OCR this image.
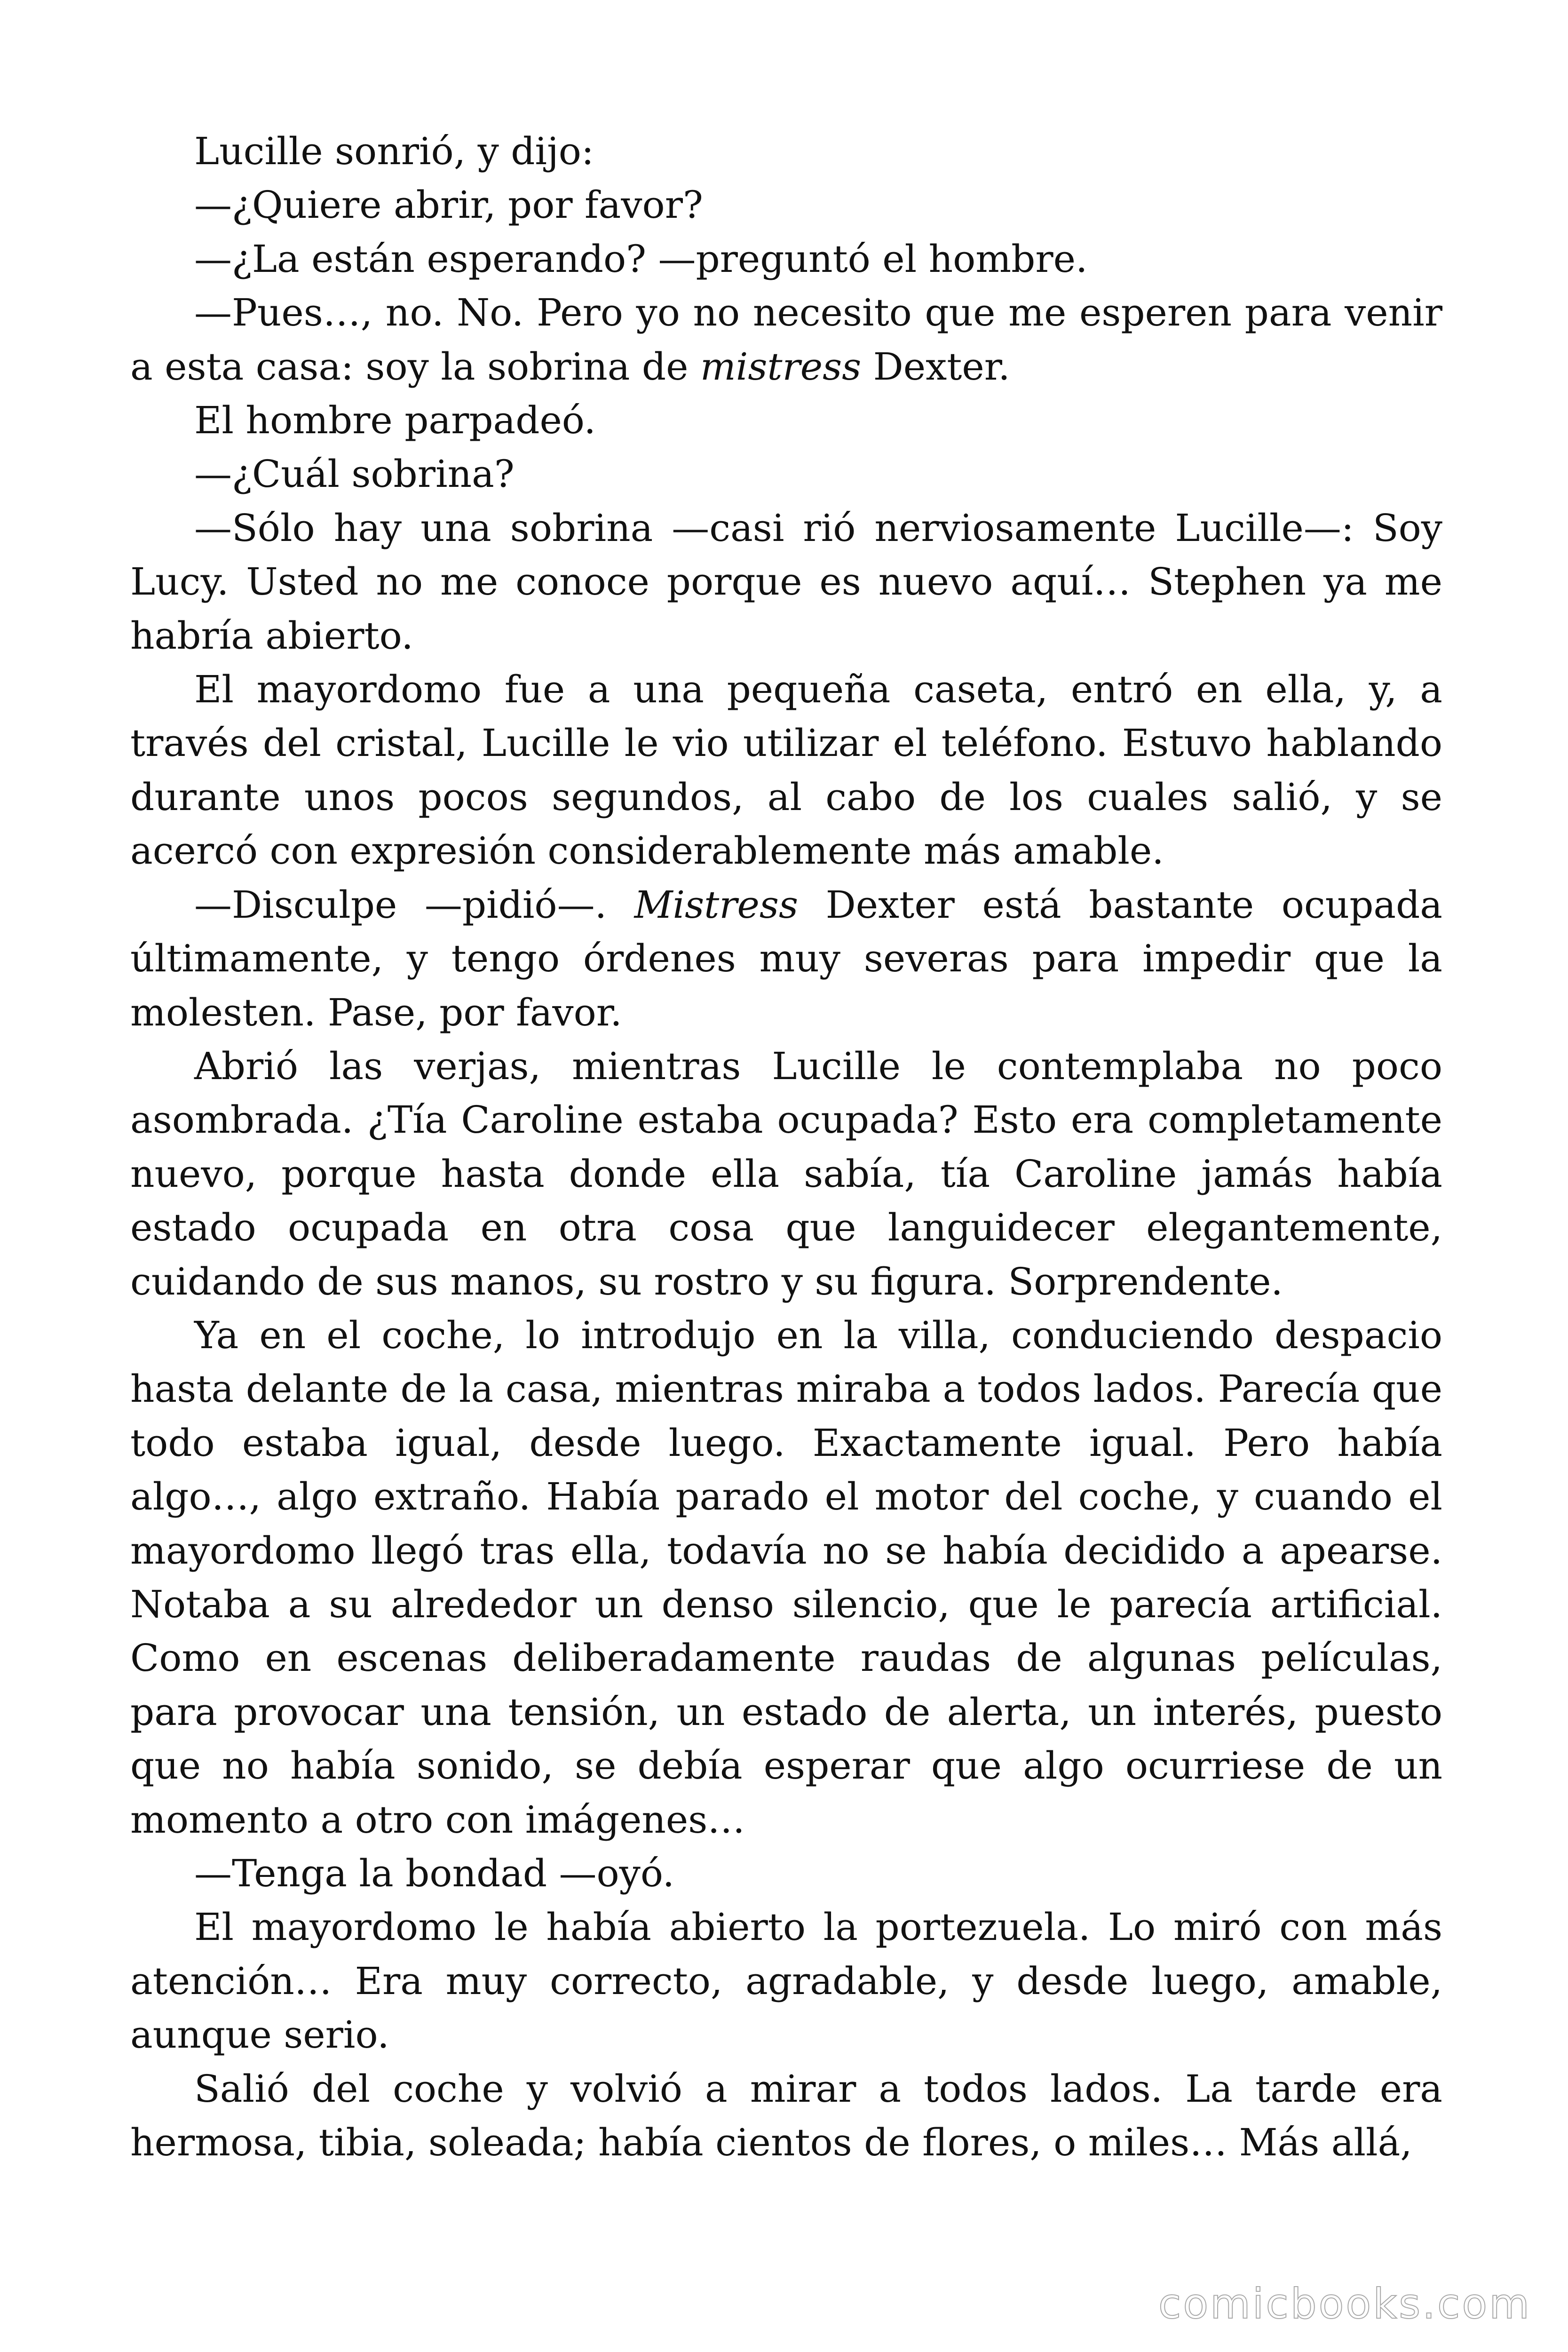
Lucille sonrió, y dijo:

—¿Quiere abrir, por favor?

—¿La están esperando? —preguntó el hombre.

—Pues…, no. No. Pero yo no necesito que me esperen para venir a esta casa: soy la sobrina de mistress Dexter.

El hombre parpadeó.

—¿Cuál sobrina?

—Sólo hay una sobrina —casi rió nerviosamente Lucille—: Soy Lucy. Usted no me conoce porque es nuevo aquí… Stephen ya me habría abierto.

El mayordomo fue a una pequeña caseta, entró en ella, y, a través del cristal, Lucille le vio utilizar el teléfono. Estuvo hablando durante unos pocos segundos, al cabo de los cuales salió, y se acercó con expresión considerablemente más amable.

—Disculpe —pidió—. Mistress Dexter está bastante ocupada últimamente, y tengo órdenes muy severas para impedir que la molesten. Pase, por favor.

Abrió las verjas, mientras Lucille le contemplaba no poco asombrada. ¿Tía Caroline estaba ocupada? Esto era completamente nuevo, porque hasta donde ella sabía, tía Caroline jamás había estado ocupada en otra cosa que languidecer elegantemente, cuidando de sus manos, su rostro y su figura. Sorprendente.

Ya en el coche, lo introdujo en la villa, conduciendo despacio hasta delante de la casa, mientras miraba a todos lados. Parecía que todo estaba igual, desde luego. Exactamente igual. Pero había algo…, algo extraño. Había parado el motor del coche, y cuando el mayordomo llegó tras ella, todavía no se había decidido a apearse. Notaba a su alrededor un denso silencio, que le parecía artificial. Como en escenas deliberadamente raudas de algunas películas, para provocar una tensión, un estado de alerta, un interés, puesto que no había sonido, se debía esperar que algo ocurriese de un momento a otro con imágenes…

—Tenga la bondad —oyó.

El mayordomo le había abierto la portezuela. Lo miró con más atención… Era muy correcto, agradable, y desde luego, amable, aunque serio.

Salió del coche y volvió a mirar a todos lados. La tarde era hermosa, tibia, soleada; había cientos de flores, o miles… Más allá,

comicbooks.com
